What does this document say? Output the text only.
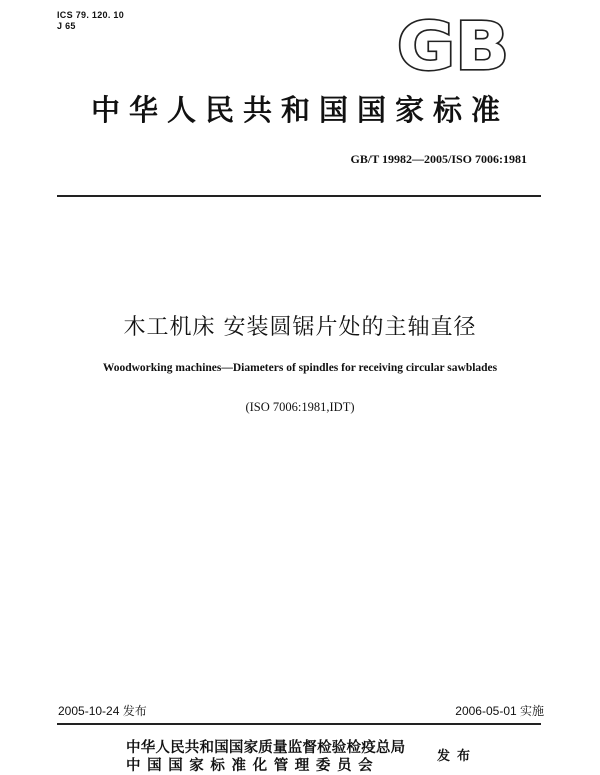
ICS 79. 120. 10
J 65	GB
中华人民共和国国家标准
GB/T 19982—2005/ISO 7006:1981
木工机床 安装圆锯片处的主轴直径
Woodworking machines—Diameters of spindles for receiving circular sawblades
(ISO 7006:1981,IDT)
2005-10-24 发布	2006-05-01 实施
中华人民共和国国家质量监督检验检疫总局
中国国家标准化管理委员会
发布
